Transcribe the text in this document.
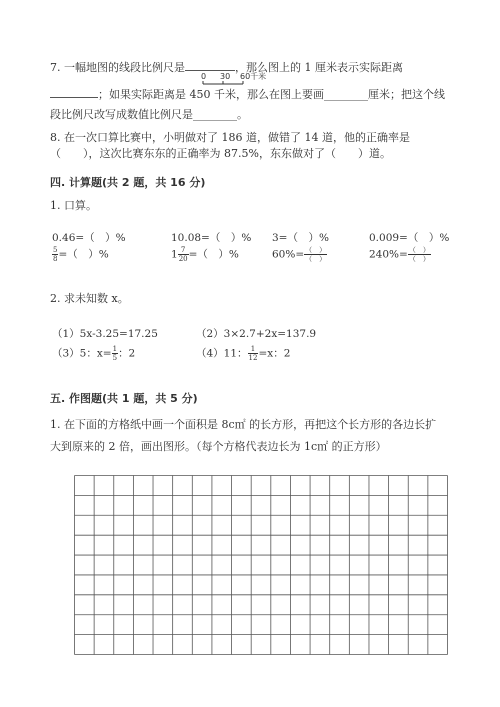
7. 一幅地图的线段比例尺是	，那么图上的 1 厘米表示实际距离
0 30 60千米
；如果实际距离是 450 千米，那么在图上要画________厘米；把这个线
段比例尺改写成数值比例尺是________。
8. 在一次口算比赛中，小明做对了 186 道，做错了 14 道，他的正确率是
（　　），这次比赛东东的正确率为 87.5%，东东做对了（　　）道。
四. 计算题(共 2 题，共 16 分)
1. 口算。
0.46=（　）%	10.08=（　）% 3=（　）%	0.009=（　）%
$\frac{5}{8}$ =（　）%	$1 \frac{7}{20}$ =（　）%	$60\%= \frac{( )}{( )}$	$240\%= \frac{( )}{( )}$
2. 求未知数 x。
（1）5x-3.25=17.25	（2）3×2.7+2x=137.9
（3）5：$x= \frac{1}{5}$ ：2	（4）11： $\frac{1}{12} =x$：2
五. 作图题(共 1 题，共 5 分)
1. 在下面的方格纸中画一个面积是 8c㎡ 的长方形，再把这个长方形的各边长扩
大到原来的 2 倍，画出图形。（每个方格代表边长为 1c㎡ 的正方形）
